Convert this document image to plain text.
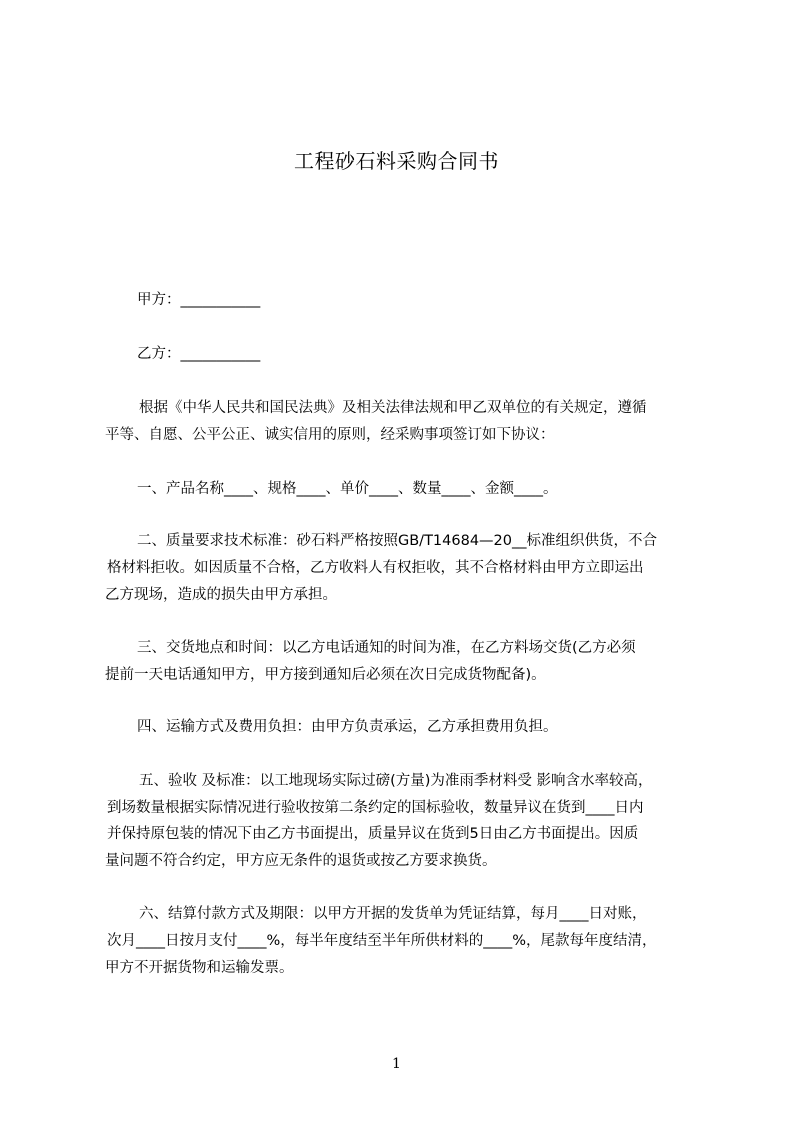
工程砂石料采购合同书
甲方：___________
乙方：___________
根据《中华人民共和国民法典》及相关法律法规和甲乙双单位的有关规定，遵循
平等、自愿、公平公正、诚实信用的原则，经采购事项签订如下协议：
一、产品名称____、规格____、单价____、数量____、金额____。
二、质量要求技术标准：砂石料严格按照GB/T14684—20__标准组织供货，不合
格材料拒收。如因质量不合格，乙方收料人有权拒收，其不合格材料由甲方立即运出
乙方现场，造成的损失由甲方承担。
三、交货地点和时间：以乙方电话通知的时间为准，在乙方料场交货(乙方必须
提前一天电话通知甲方，甲方接到通知后必须在次日完成货物配备)。
四、运输方式及费用负担：由甲方负责承运，乙方承担费用负担。
五、验收 及标准：以工地现场实际过磅(方量)为准雨季材料受 影响含水率较高，
到场数量根据实际情况进行验收按第二条约定的国标验收，数量异议在货到____日内
并保持原包装的情况下由乙方书面提出，质量异议在货到5日由乙方书面提出。因质
量问题不符合约定，甲方应无条件的退货或按乙方要求换货。
六、结算付款方式及期限：以甲方开据的发货单为凭证结算，每月____日对账，
次月____日按月支付____%，每半年度结至半年所供材料的____%，尾款每年度结清，
甲方不开据货物和运输发票。
1
